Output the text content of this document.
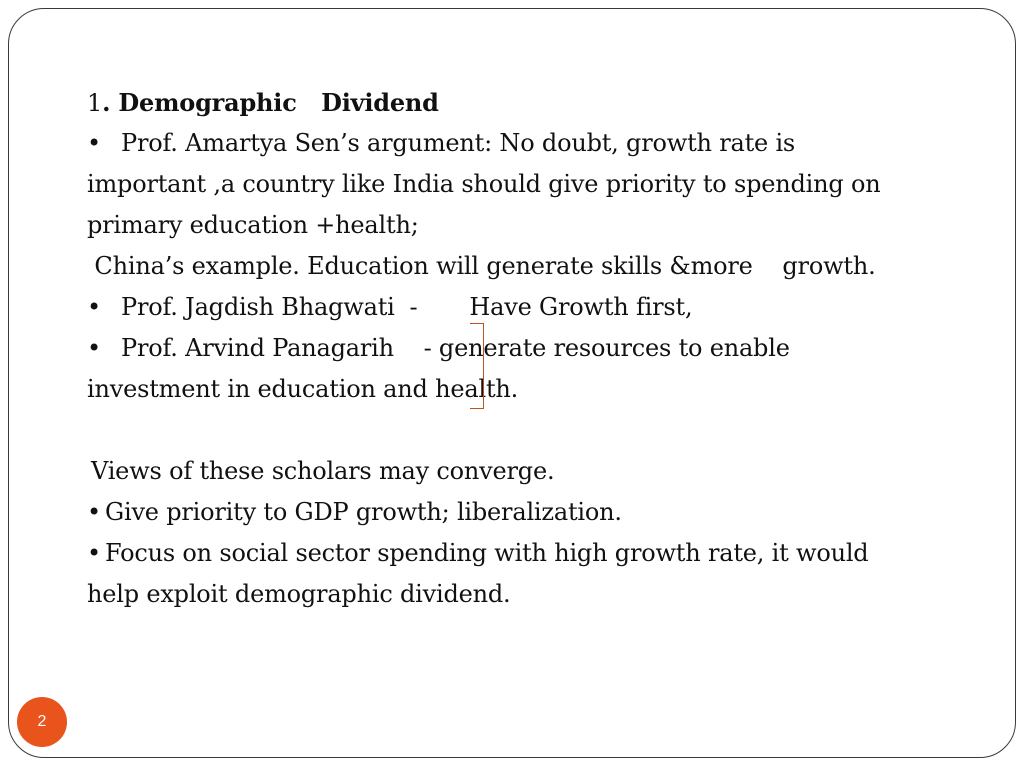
1. Demographic   Dividend
• Prof. Amartya Sen’s argument: No doubt, growth rate is
important ,a country like India should give priority to spending on
primary education +health;
China’s example. Education will generate skills &more    growth.
• Prof. Jagdish Bhagwati  -       Have Growth first,
• Prof. Arvind Panagarih    - generate resources to enable
investment in education and health.
Views of these scholars may converge.
• Give priority to GDP growth; liberalization.
• Focus on social sector spending with high growth rate, it would
help exploit demographic dividend.
2
